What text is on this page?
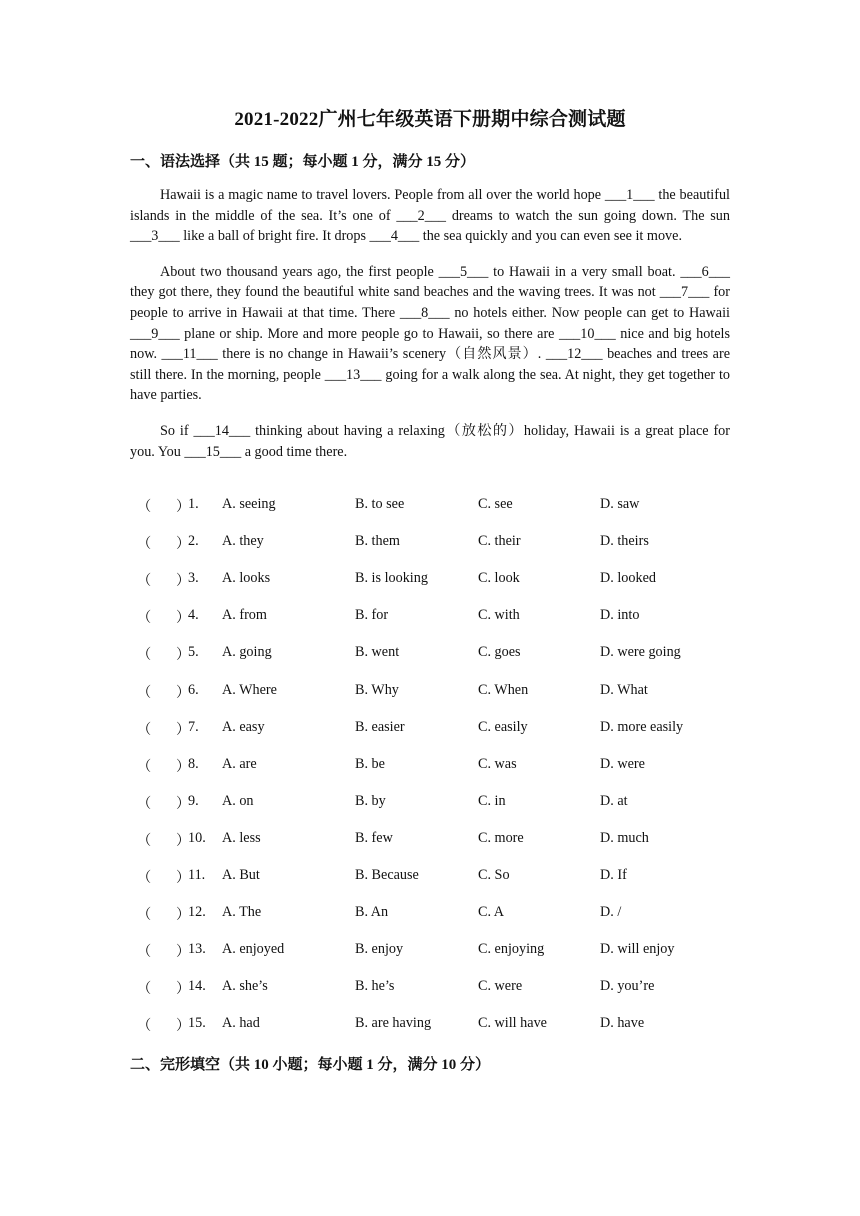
2021-2022广州七年级英语下册期中综合测试题
一、语法选择（共 15 题；每小题 1 分，满分 15 分）

Hawaii is a magic name to travel lovers. People from all over the world hope ___1___ the beautiful islands in the middle of the sea. It’s one of ___2___ dreams to watch the sun going down. The sun ___3___ like a ball of bright fire. It drops ___4___ the sea quickly and you can even see it move.

About two thousand years ago, the first people ___5___ to Hawaii in a very small boat. ___6___ they got there, they found the beautiful white sand beaches and the waving trees. It was not ___7___ for people to arrive in Hawaii at that time. There ___8___ no hotels either. Now people can get to Hawaii ___9___ plane or ship. More and more people go to Hawaii, so there are ___10___ nice and big hotels now. ___11___ there is no change in Hawaii’s scenery（自然风景）. ___12___ beaches and trees are still there. In the morning, people ___13___ going for a walk along the sea. At night, they get together to have parties.

So if ___14___ thinking about having a relaxing（放松的）holiday, Hawaii is a great place for you. You ___15___ a good time there.

（ ）
1. A. seeing	B. to see	C. see	D. saw
（ ）
2. A. they	B. them	C. their	D. theirs
（ ）
3. A. looks	B. is looking	C. look	D. looked
（ ）
4. A. from	B. for	C. with	D. into
（ ）
5. A. going	B. went	C. goes	D. were going
（ ）
6. A. Where	B. Why	C. When	D. What
（ ）
7. A. easy	B. easier	C. easily	D. more easily
（ ）
8. A. are	B. be	C. was	D. were
（ ）
9. A. on	B. by	C. in	D. at
（ ）
10. A. less	B. few	C. more	D. much
（ ）
11. A. But	B. Because	C. So	D. If
（ ）
12. A. The	B. An	C. A	D. /
（ ）
13. A. enjoyed	B. enjoy	C. enjoying	D. will enjoy
（ ）
14. A. she’s	B. he’s	C. were	D. you’re
（ ）
15. A. had	B. are having	C. will have	D. have
二、完形填空（共 10 小题；每小题 1 分，满分 10 分）
